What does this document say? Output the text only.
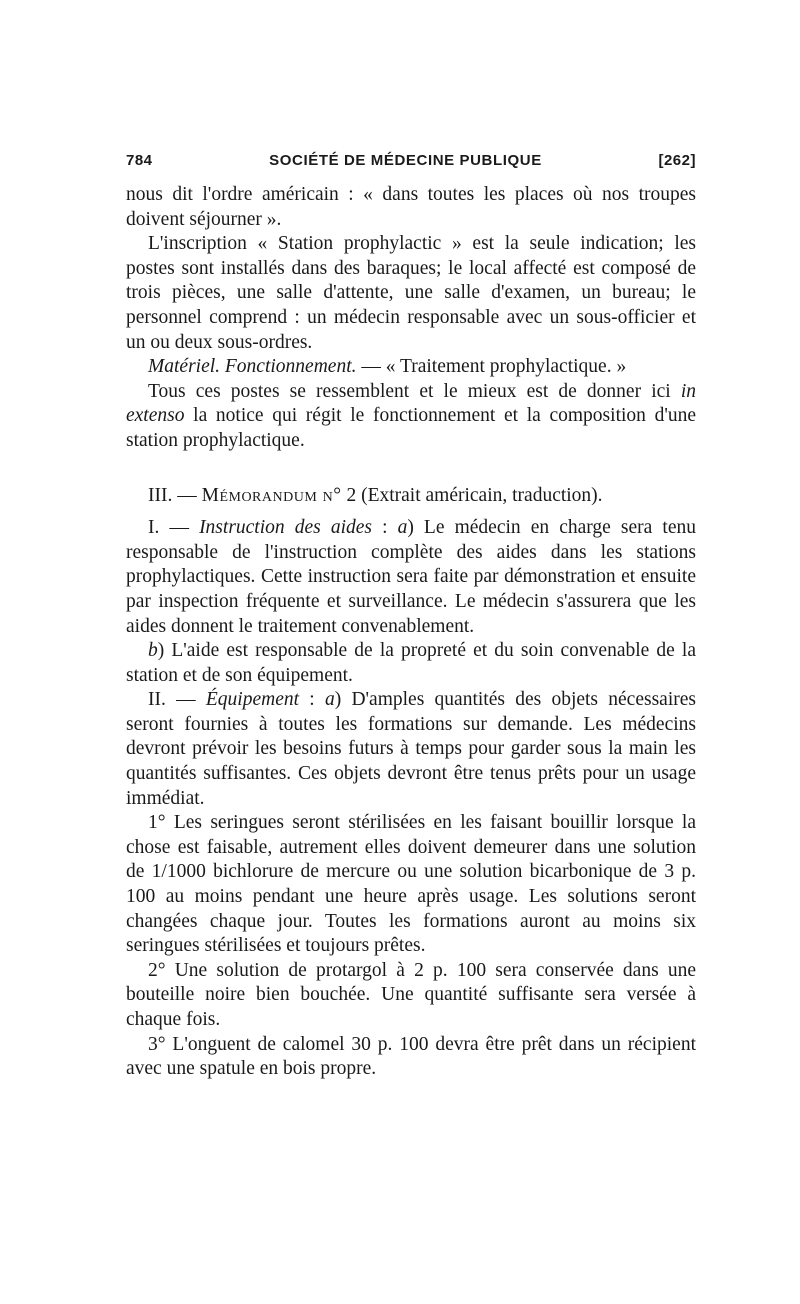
784	SOCIÉTÉ DE MÉDECINE PUBLIQUE	[262]

nous dit l'ordre américain : « dans toutes les places où nos troupes doivent séjourner ».

L'inscription « Station prophylactic » est la seule indication; les postes sont installés dans des baraques; le local affecté est composé de trois pièces, une salle d'attente, une salle d'examen, un bureau; le personnel comprend : un médecin responsable avec un sous-officier et un ou deux sous-ordres.

Matériel. Fonctionnement. — « Traitement prophylactique. »

Tous ces postes se ressemblent et le mieux est de donner ici in extenso la notice qui régit le fonctionnement et la composition d'une station prophylactique.

III. — Mémorandum n° 2 (Extrait américain, traduction).

I. — Instruction des aides : a) Le médecin en charge sera tenu responsable de l'instruction complète des aides dans les stations prophylactiques. Cette instruction sera faite par démonstration et ensuite par inspection fréquente et surveillance. Le médecin s'assurera que les aides donnent le traitement convenablement.

b) L'aide est responsable de la propreté et du soin convenable de la station et de son équipement.

II. — Équipement : a) D'amples quantités des objets nécessaires seront fournies à toutes les formations sur demande. Les médecins devront prévoir les besoins futurs à temps pour garder sous la main les quantités suffisantes. Ces objets devront être tenus prêts pour un usage immédiat.

1° Les seringues seront stérilisées en les faisant bouillir lorsque la chose est faisable, autrement elles doivent demeurer dans une solution de 1/1000 bichlorure de mercure ou une solution bicarbonique de 3 p. 100 au moins pendant une heure après usage. Les solutions seront changées chaque jour. Toutes les formations auront au moins six seringues stérilisées et toujours prêtes.

2° Une solution de protargol à 2 p. 100 sera conservée dans une bouteille noire bien bouchée. Une quantité suffisante sera versée à chaque fois.

3° L'onguent de calomel 30 p. 100 devra être prêt dans un récipient avec une spatule en bois propre.
